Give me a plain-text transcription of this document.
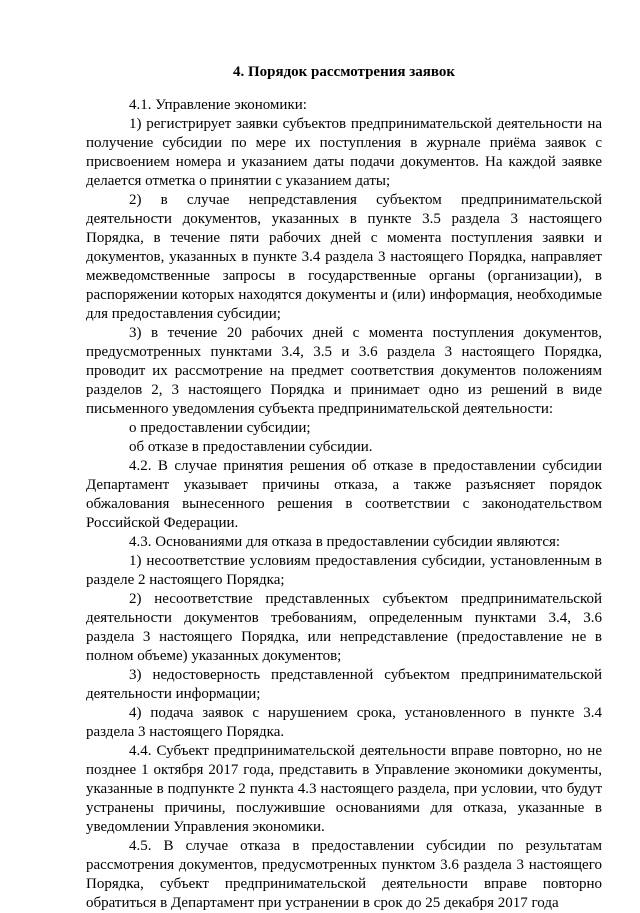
4. Порядок рассмотрения заявок

4.1. Управление экономики:

1) регистрирует заявки субъектов предпринимательской деятельности на получение субсидии по мере их поступления в журнале приёма заявок с присвоением номера и указанием даты подачи документов. На каждой заявке делается отметка о принятии с указанием даты;

2) в случае непредставления субъектом предпринимательской деятельности документов, указанных в пункте 3.5 раздела 3 настоящего Порядка, в течение пяти рабочих дней с момента поступления заявки и документов, указанных в пункте 3.4 раздела 3 настоящего Порядка, направляет межведомственные запросы в государственные органы (организации), в распоряжении которых находятся документы и (или) информация, необходимые для предоставления субсидии;

3) в течение 20 рабочих дней с момента поступления документов, предусмотренных пунктами 3.4, 3.5 и 3.6 раздела 3 настоящего Порядка, проводит их рассмотрение на предмет соответствия документов положениям разделов 2, 3 настоящего Порядка и принимает одно из решений в виде письменного уведомления субъекта предпринимательской деятельности:

о предоставлении субсидии;

об отказе в предоставлении субсидии.

4.2. В случае принятия решения об отказе в предоставлении субсидии Департамент указывает причины отказа, а также разъясняет порядок обжалования вынесенного решения в соответствии с законодательством Российской Федерации.

4.3. Основаниями для отказа в предоставлении субсидии являются:

1) несоответствие условиям предоставления субсидии, установленным в разделе 2 настоящего Порядка;

2) несоответствие представленных субъектом предпринимательской деятельности документов требованиям, определенным пунктами 3.4, 3.6 раздела 3 настоящего Порядка, или непредставление (предоставление не в полном объеме) указанных документов;

3) недостоверность представленной субъектом предпринимательской деятельности информации;

4) подача заявок с нарушением срока, установленного в пункте 3.4 раздела 3 настоящего Порядка.

4.4. Субъект предпринимательской деятельности вправе повторно, но не позднее 1 октября 2017 года, представить в Управление экономики документы, указанные в подпункте 2 пункта 4.3 настоящего раздела, при условии, что будут устранены причины, послужившие основаниями для отказа, указанные в уведомлении Управления экономики.

4.5. В случае отказа в предоставлении субсидии по результатам рассмотрения документов, предусмотренных пунктом 3.6 раздела 3 настоящего Порядка, субъект предпринимательской деятельности вправе повторно обратиться в Департамент при устранении в срок до 25 декабря 2017 года
